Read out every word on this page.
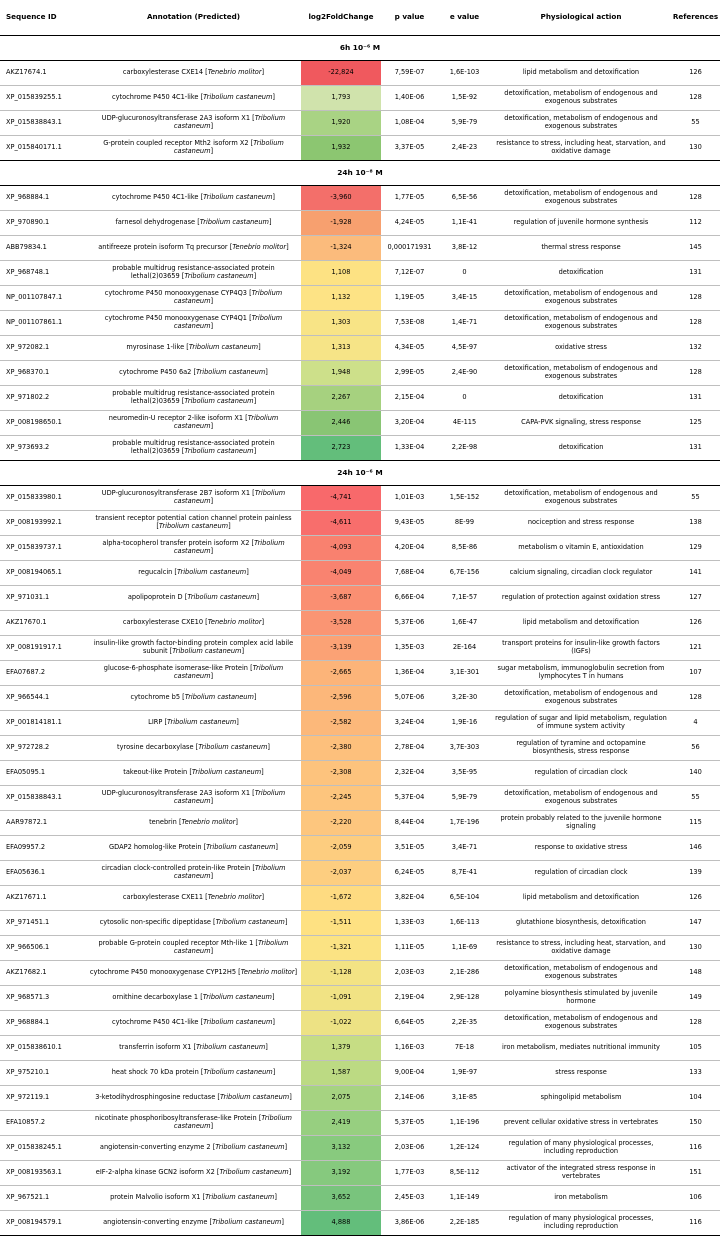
Sequence ID	Annotation (Predicted)	log2FoldChange	p value	e value	Physiological action	References
6h 10⁻⁶ M						
AKZ17674.1	carboxylesterase CXE14 [Tenebrio molitor]	-22,824	7,59E-07	1,6E-103	lipid metabolism and detoxification	126
XP_015839255.1	cytochrome P450 4C1-like [Tribolium castaneum]	1,793	1,40E-06	1,5E-92	detoxification, metabolism of endogenous and exogenous substrates	128
XP_015838843.1	UDP-glucuronosyltransferase 2A3 isoform X1 [Tribolium castaneum]	1,920	1,08E-04	5,9E-79	detoxification, metabolism of endogenous and exogenous substrates	55
XP_015840171.1	G-protein coupled receptor Mth2 isoform X2 [Tribolium castaneum]	1,932	3,37E-05	2,4E-23	resistance to stress, including heat, starvation, and oxidative damage	130
24h 10⁻⁸ M						
XP_968884.1	cytochrome P450 4C1-like [Tribolium castaneum]	-3,960	1,77E-05	6,5E-56	detoxification, metabolism of endogenous and exogenous substrates	128
XP_970890.1	farnesol dehydrogenase [Tribolium castaneum]	-1,928	4,24E-05	1,1E-41	regulation of juvenile hormone synthesis	112
ABB79834.1	antifreeze protein isoform Tq precursor [Tenebrio molitor]	-1,324	0,000171931	3,8E-12	thermal stress response	145
XP_968748.1	probable multidrug resistance-associated protein lethal(2)03659 [Tribolium castaneum]	1,108	7,12E-07	0	detoxification	131
NP_001107847.1	cytochrome P450 monooxygenase CYP4Q3 [Tribolium castaneum]	1,132	1,19E-05	3,4E-15	detoxification, metabolism of endogenous and exogenous substrates	128
NP_001107861.1	cytochrome P450 monooxygenase CYP4Q1 [Tribolium castaneum]	1,303	7,53E-08	1,4E-71	detoxification, metabolism of endogenous and exogenous substrates	128
XP_972082.1	myrosinase 1-like [Tribolium castaneum]	1,313	4,34E-05	4,5E-97	oxidative stress	132
XP_968370.1	cytochrome P450 6a2 [Tribolium castaneum]	1,948	2,99E-05	2,4E-90	detoxification, metabolism of endogenous and exogenous substrates	128
XP_971802.2	probable multidrug resistance-associated protein lethal(2)03659 [Tribolium castaneum]	2,267	2,15E-04	0	detoxification	131
XP_008198650.1	neuromedin-U receptor 2-like isoform X1 [Tribolium castaneum]	2,446	3,20E-04	4E-115	CAPA-PVK signaling, stress response	125
XP_973693.2	probable multidrug resistance-associated protein lethal(2)03659 [Tribolium castaneum]	2,723	1,33E-04	2,2E-98	detoxification	131
24h 10⁻⁶ M						
XP_015833980.1	UDP-glucuronosyltransferase 2B7 isoform X1 [Tribolium castaneum]	-4,741	1,01E-03	1,5E-152	detoxification, metabolism of endogenous and exogenous substrates	55
XP_008193992.1	transient receptor potential cation channel protein painless [Tribolium castaneum]	-4,611	9,43E-05	8E-99	nociception and stress response	138
XP_015839737.1	alpha-tocopherol transfer protein isoform X2 [Tribolium castaneum]	-4,093	4,20E-04	8,5E-86	metabolism o vitamin E, antioxidation	129
XP_008194065.1	regucalcin [Tribolium castaneum]	-4,049	7,68E-04	6,7E-156	calcium signaling, circadian clock regulator	141
XP_971031.1	apolipoprotein D [Tribolium castaneum]	-3,687	6,66E-04	7,1E-57	regulation of protection against oxidation stress	127
AKZ17670.1	carboxylesterase CXE10 [Tenebrio molitor]	-3,528	5,37E-06	1,6E-47	lipid metabolism and detoxification	126
XP_008191917.1	insulin-like growth factor-binding protein complex acid labile subunit [Tribolium castaneum]	-3,139	1,35E-03	2E-164	transport proteins for insulin-like growth factors (IGFs)	121
EFA07687.2	glucose-6-phosphate isomerase-like Protein [Tribolium castaneum]	-2,665	1,36E-04	3,1E-301	sugar metabolism, immunoglobulin secretion from lymphocytes T in humans	107
XP_966544.1	cytochrome b5 [Tribolium castaneum]	-2,596	5,07E-06	3,2E-30	detoxification, metabolism of endogenous and exogenous substrates	128
XP_001814181.1	LIRP [Tribolium castaneum]	-2,582	3,24E-04	1,9E-16	regulation of sugar and lipid metabolism, regulation of immune system activity	4
XP_972728.2	tyrosine decarboxylase [Tribolium castaneum]	-2,380	2,78E-04	3,7E-303	regulation of tyramine and octopamine biosynthesis, stress response	56
EFA05095.1	takeout-like Protein [Tribolium castaneum]	-2,308	2,32E-04	3,5E-95	regulation of circadian clock	140
XP_015838843.1	UDP-glucuronosyltransferase 2A3 isoform X1 [Tribolium castaneum]	-2,245	5,37E-04	5,9E-79	detoxification, metabolism of endogenous and exogenous substrates	55
AAR97872.1	tenebrin [Tenebrio molitor]	-2,220	8,44E-04	1,7E-196	protein probably related to the juvenile hormone signaling	115
EFA09957.2	GDAP2 homolog-like Protein [Tribolium castaneum]	-2,059	3,51E-05	3,4E-71	response to oxidative stress	146
EFA05636.1	circadian clock-controlled protein-like Protein [Tribolium castaneum]	-2,037	6,24E-05	8,7E-41	regulation of circadian clock	139
AKZ17671.1	carboxylesterase CXE11 [Tenebrio molitor]	-1,672	3,82E-04	6,5E-104	lipid metabolism and detoxification	126
XP_971451.1	cytosolic non-specific dipeptidase [Tribolium castaneum]	-1,511	1,33E-03	1,6E-113	glutathione biosynthesis, detoxification	147
XP_966506.1	probable G-protein coupled receptor Mth-like 1 [Tribolium castaneum]	-1,321	1,11E-05	1,1E-69	resistance to stress, including heat, starvation, and oxidative damage	130
AKZ17682.1	cytochrome P450 monooxygenase CYP12H5 [Tenebrio molitor]	-1,128	2,03E-03	2,1E-286	detoxification, metabolism of endogenous and exogenous substrates	148
XP_968571.3	ornithine decarboxylase 1 [Tribolium castaneum]	-1,091	2,19E-04	2,9E-128	polyamine biosynthesis stimulated by juvenile hormone	149
XP_968884.1	cytochrome P450 4C1-like [Tribolium castaneum]	-1,022	6,64E-05	2,2E-35	detoxification, metabolism of endogenous and exogenous substrates	128
XP_015838610.1	transferrin isoform X1 [Tribolium castaneum]	1,379	1,16E-03	7E-18	iron metabolism, mediates nutritional immunity	105
XP_975210.1	heat shock 70 kDa protein [Tribolium castaneum]	1,587	9,00E-04	1,9E-97	stress response	133
XP_972119.1	3-ketodihydrosphingosine reductase [Tribolium castaneum]	2,075	2,14E-06	3,1E-85	sphingolipid metabolism	104
EFA10857.2	nicotinate phosphoribosyltransferase-like Protein [Tribolium castaneum]	2,419	5,37E-05	1,1E-196	prevent cellular oxidative stress in vertebrates	150
XP_015838245.1	angiotensin-converting enzyme 2 [Tribolium castaneum]	3,132	2,03E-06	1,2E-124	regulation of many physiological processes, including reproduction	116
XP_008193563.1	eIF-2-alpha kinase GCN2 isoform X2 [Tribolium castaneum]	3,192	1,77E-03	8,5E-112	activator of the integrated stress response in vertebrates	151
XP_967521.1	protein Malvolio isoform X1 [Tribolium castaneum]	3,652	2,45E-03	1,1E-149	iron metabolism	106
XP_008194579.1	angiotensin-converting enzyme [Tribolium castaneum]	4,888	3,86E-06	2,2E-185	regulation of many physiological processes, including reproduction	116
